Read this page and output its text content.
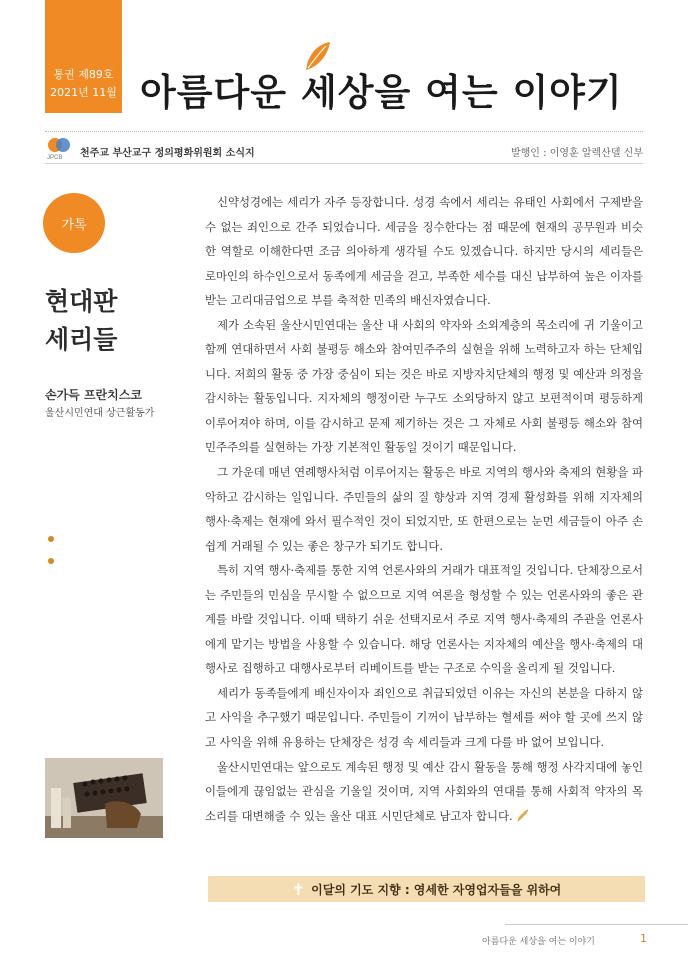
통권 제89호
2021년 11월 아름다운 세상을 여는 이야기
JPCB 천주교 부산교구 정의평화위원회 소식지	발행인 : 이영훈 알렉산델 신부
가톡
현대판
세리들
손가득 프란치스코
울산시민연대 상근활동가

신약성경에는 세리가 자주 등장합니다. 성경 속에서 세리는 유태인 사회에서 구제받을 수 없는 죄인으로 간주 되었습니다. 세금을 징수한다는 점 때문에 현재의 공무원과 비슷한 역할로 이해한다면 조금 의아하게 생각될 수도 있겠습니다. 하지만 당시의 세리들은 로마인의 하수인으로서 동족에게 세금을 걷고, 부족한 세수를 대신 납부하여 높은 이자를 받는 고리대금업으로 부를 축적한 민족의 배신자였습니다.

제가 소속된 울산시민연대는 울산 내 사회의 약자와 소외계층의 목소리에 귀 기울이고 함께 연대하면서 사회 불평등 해소와 참여민주주의 실현을 위해 노력하고자 하는 단체입니다. 저희의 활동 중 가장 중심이 되는 것은 바로 지방자치단체의 행정 및 예산과 의정을 감시하는 활동입니다. 지자체의 행정이란 누구도 소외당하지 않고 보편적이며 평등하게 이루어져야 하며, 이를 감시하고 문제 제기하는 것은 그 자체로 사회 불평등 해소와 참여민주주의를 실현하는 가장 기본적인 활동일 것이기 때문입니다.

그 가운데 매년 연례행사처럼 이루어지는 활동은 바로 지역의 행사와 축제의 현황을 파악하고 감시하는 일입니다. 주민들의 삶의 질 향상과 지역 경제 활성화를 위해 지자체의 행사·축제는 현재에 와서 필수적인 것이 되었지만, 또 한편으로는 눈먼 세금들이 아주 손쉽게 거래될 수 있는 좋은 창구가 되기도 합니다.

특히 지역 행사·축제를 통한 지역 언론사와의 거래가 대표적일 것입니다. 단체장으로서는 주민들의 민심을 무시할 수 없으므로 지역 여론을 형성할 수 있는 언론사와의 좋은 관계를 바랄 것입니다. 이때 택하기 쉬운 선택지로서 주로 지역 행사·축제의 주관을 언론사에게 맡기는 방법을 사용할 수 있습니다. 해당 언론사는 지자체의 예산을 행사·축제의 대행사로 집행하고 대행사로부터 리베이트를 받는 구조로 수익을 올리게 될 것입니다.

세리가 동족들에게 배신자이자 죄인으로 취급되었던 이유는 자신의 본분을 다하지 않고 사익을 추구했기 때문입니다. 주민들이 기꺼이 납부하는 혈세를 써야 할 곳에 쓰지 않고 사익을 위해 유용하는 단체장은 성경 속 세리들과 크게 다를 바 없어 보입니다.

울산시민연대는 앞으로도 계속된 행정 및 예산 감시 활동을 통해 행정 사각지대에 놓인 이들에게 끊임없는 관심을 기울일 것이며, 지역 사회와의 연대를 통해 사회적 약자의 목소리를 대변해줄 수 있는 울산 대표 시민단체로 남고자 합니다.

✝ 이달의 기도 지향 : 영세한 자영업자들을 위하여
아름다운 세상을 여는 이야기	1
